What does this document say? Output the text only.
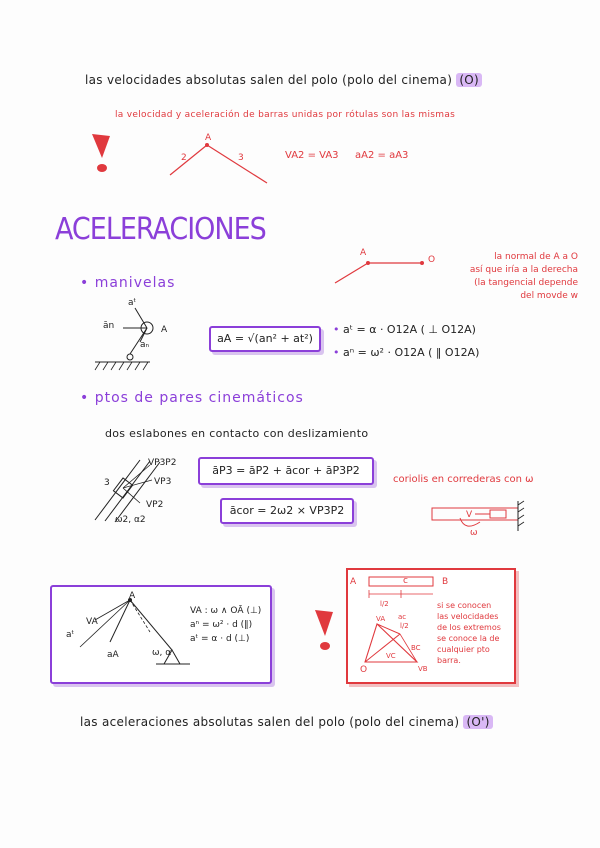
las velocidades absolutas salen del polo (polo del cinema) (O)
la velocidad y aceleración de barras unidas por rótulas son las mismas
A
2	3	VA2 = VA3 aA2 = aA3
ACELERACIONES
A
O	la normal de A a O
así que iría a la derecha
(la tangencial depende
del movde w
• manivelas
aᵗ
ān	A
aₙ	aA = √(an² + at²)
• aᵗ = α · O12A ( ⊥ O12A)
• aⁿ = ω² · O12A ( ‖ O12A)
• ptos de pares cinemáticos
dos eslabones en contacto con deslizamiento
VP3P2
VP3
VP2
3
ω2, α2
āP3 = āP2 + ācor + āP3P2
ācor = 2ω2 × VP3P2
coriolis en correderas con ω
V
ω
A
VA
aᵗ
aA	ω, α
VA : ω ∧ OĀ (⊥)
aⁿ = ω² · d (‖)
aᵗ = α · d (⊥)
A	B
c
l/2
VA ac
l/2
BC
VC
VB
O
si se conocen
las velocidades
de los extremos
se conoce la de
cualquier pto
barra.
las aceleraciones absolutas salen del polo (polo del cinema) (O')
